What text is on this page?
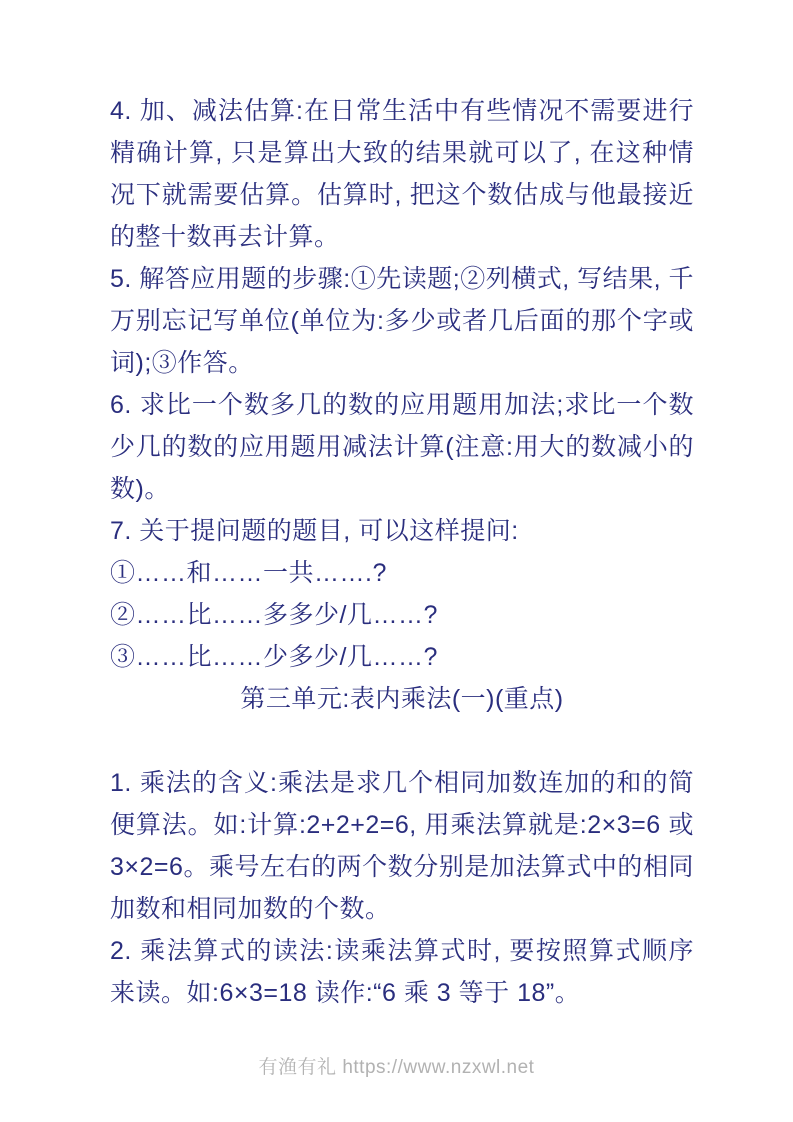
4. 加、减法估算:在日常生活中有些情况不需要进行精确计算, 只是算出大致的结果就可以了, 在这种情况下就需要估算。估算时, 把这个数估成与他最接近的整十数再去计算。

5. 解答应用题的步骤:①先读题;②列横式, 写结果, 千万别忘记写单位(单位为:多少或者几后面的那个字或词);③作答。

6. 求比一个数多几的数的应用题用加法;求比一个数少几的数的应用题用减法计算(注意:用大的数减小的数)。

7. 关于提问题的题目, 可以这样提问:

①……和……一共…….?

②……比……多多少/几……?

③……比……少多少/几……?

第三单元:表内乘法(一)(重点)

1. 乘法的含义:乘法是求几个相同加数连加的和的简便算法。如:计算:2+2+2=6, 用乘法算就是:2×3=6 或 3×2=6。乘号左右的两个数分别是加法算式中的相同加数和相同加数的个数。

2. 乘法算式的读法:读乘法算式时, 要按照算式顺序来读。如:6×3=18 读作:“6 乘 3 等于 18”。

有渔有礼 https://www.nzxwl.net
